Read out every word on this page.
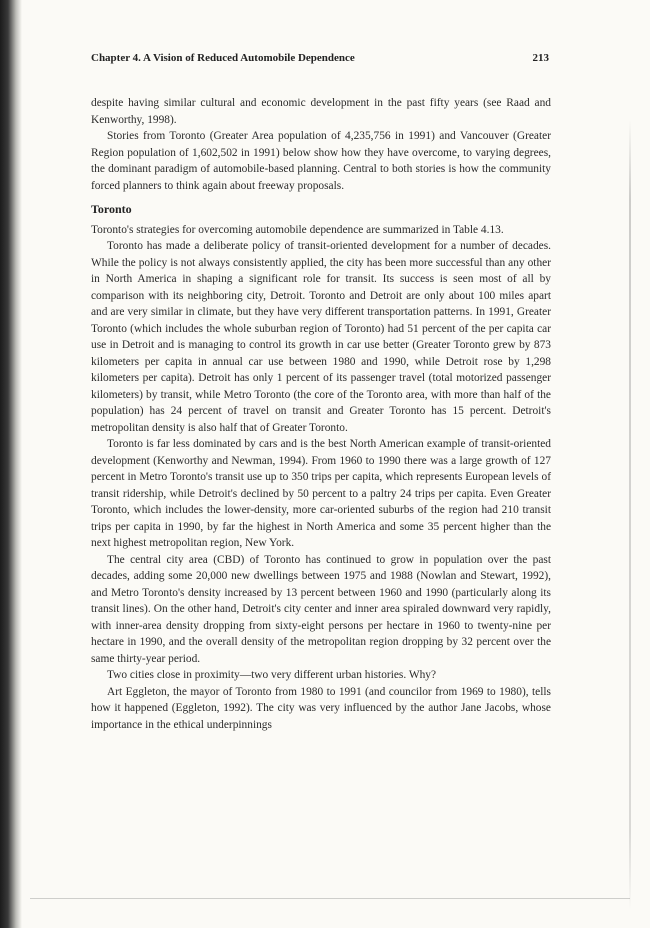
Chapter 4. A Vision of Reduced Automobile Dependence	213

despite having similar cultural and economic development in the past fifty years (see Raad and Kenworthy, 1998).

Stories from Toronto (Greater Area population of 4,235,756 in 1991) and Vancouver (Greater Region population of 1,602,502 in 1991) below show how they have overcome, to varying degrees, the dominant paradigm of automobile-based planning. Central to both stories is how the community forced planners to think again about freeway proposals.

Toronto

Toronto's strategies for overcoming automobile dependence are summarized in Table 4.13.

Toronto has made a deliberate policy of transit-oriented development for a number of decades. While the policy is not always consistently applied, the city has been more successful than any other in North America in shaping a significant role for transit. Its success is seen most of all by comparison with its neighboring city, Detroit. Toronto and Detroit are only about 100 miles apart and are very similar in climate, but they have very different transportation patterns. In 1991, Greater Toronto (which includes the whole suburban region of Toronto) had 51 percent of the per capita car use in Detroit and is managing to control its growth in car use better (Greater Toronto grew by 873 kilometers per capita in annual car use between 1980 and 1990, while Detroit rose by 1,298 kilometers per capita). Detroit has only 1 percent of its passenger travel (total motorized passenger kilometers) by transit, while Metro Toronto (the core of the Toronto area, with more than half of the population) has 24 percent of travel on transit and Greater Toronto has 15 percent. Detroit's metropolitan density is also half that of Greater Toronto.

Toronto is far less dominated by cars and is the best North American example of transit-oriented development (Kenworthy and Newman, 1994). From 1960 to 1990 there was a large growth of 127 percent in Metro Toronto's transit use up to 350 trips per capita, which represents European levels of transit ridership, while Detroit's declined by 50 percent to a paltry 24 trips per capita. Even Greater Toronto, which includes the lower-density, more car-oriented suburbs of the region had 210 transit trips per capita in 1990, by far the highest in North America and some 35 percent higher than the next highest metropolitan region, New York.

The central city area (CBD) of Toronto has continued to grow in population over the past decades, adding some 20,000 new dwellings between 1975 and 1988 (Nowlan and Stewart, 1992), and Metro Toronto's density increased by 13 percent between 1960 and 1990 (particularly along its transit lines). On the other hand, Detroit's city center and inner area spiraled downward very rapidly, with inner-area density dropping from sixty-eight persons per hectare in 1960 to twenty-nine per hectare in 1990, and the overall density of the metropolitan region dropping by 32 percent over the same thirty-year period.

Two cities close in proximity—two very different urban histories. Why?

Art Eggleton, the mayor of Toronto from 1980 to 1991 (and councilor from 1969 to 1980), tells how it happened (Eggleton, 1992). The city was very influenced by the author Jane Jacobs, whose importance in the ethical underpinnings
